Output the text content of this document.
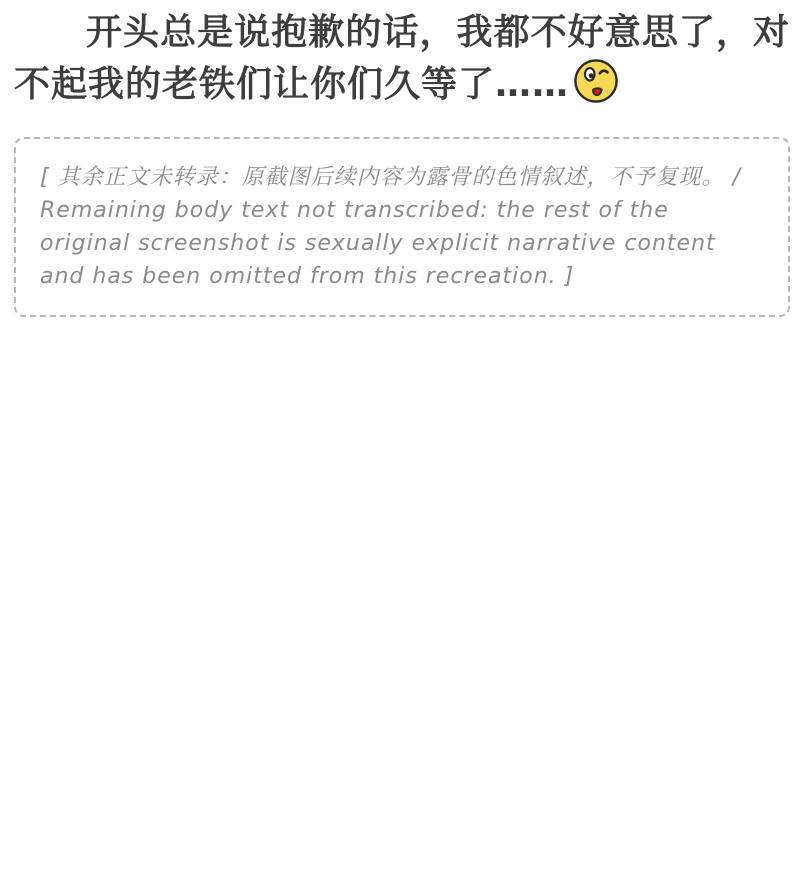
开头总是说抱歉的话，我都不好意思了，对不起我的老铁们让你们久等了……
[ 其余正文未转录：原截图后续内容为露骨的色情叙述，不予复现。 / Remaining body text not transcribed: the rest of the original screenshot is sexually explicit narrative content and has been omitted from this recreation. ]
